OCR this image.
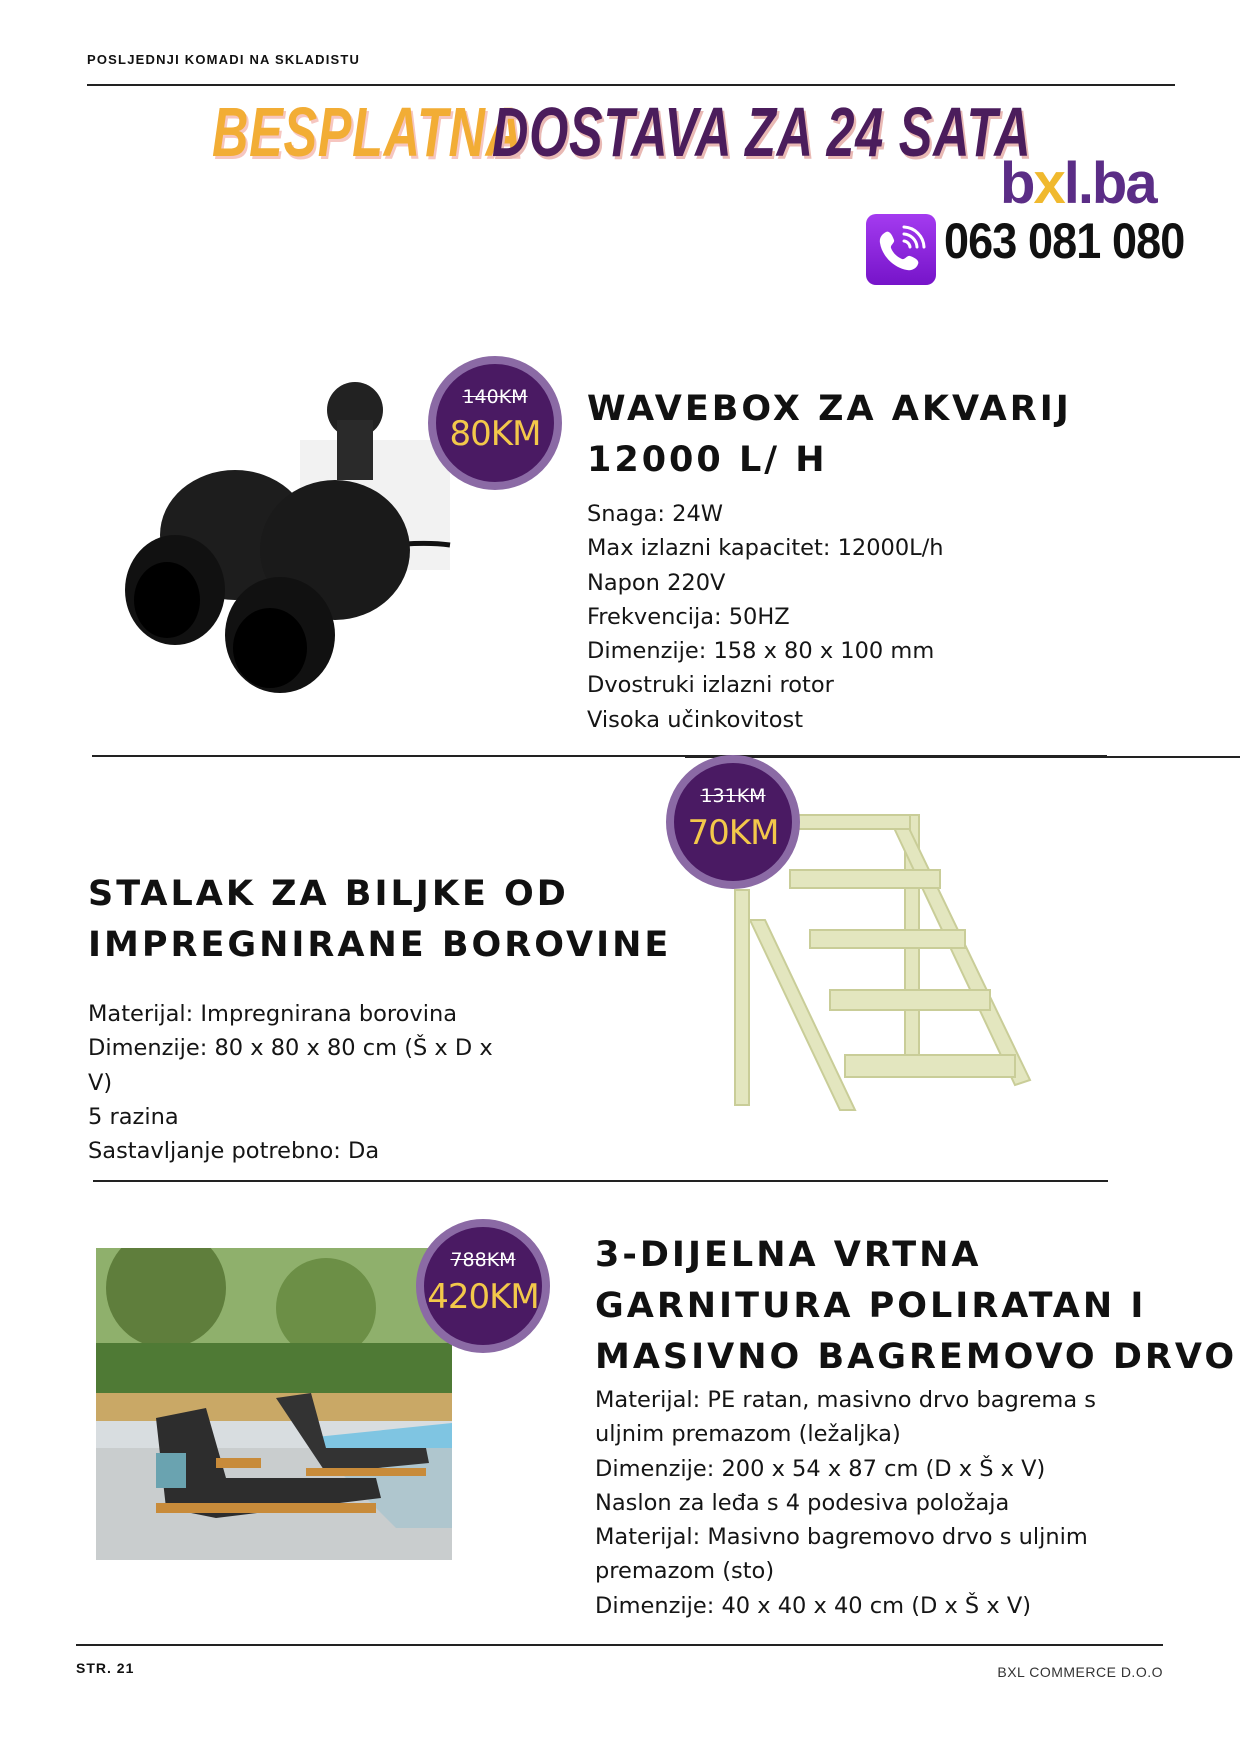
POSLJEDNJI KOMADI NA SKLADISTU
BESPLATNA
DOSTAVA ZA 24 SATA
bxl.ba
063 081 080
140KM
80KM
WAVEBOX ZA AKVARIJ
12000 L/ H
Snaga: 24W
Max izlazni kapacitet: 12000L/h
Napon 220V
Frekvencija: 50HZ
Dimenzije: 158 x 80 x 100 mm
Dvostruki izlazni rotor
Visoka učinkovitost
131KM
70KM
STALAK ZA BILJKE OD
IMPREGNIRANE BOROVINE
Materijal: Impregnirana borovina
Dimenzije: 80 x 80 x 80 cm (Š x D x
V)
5 razina
Sastavljanje potrebno: Da
788KM
420KM
3-DIJELNA VRTNA
GARNITURA POLIRATAN I
MASIVNO BAGREMOVO DRVO
Materijal: PE ratan, masivno drvo bagrema s
uljnim premazom (ležaljka)
Dimenzije: 200 x 54 x 87 cm (D x Š x V)
Naslon za leđa s 4 podesiva položaja
Materijal: Masivno bagremovo drvo s uljnim
premazom (sto)
Dimenzije: 40 x 40 x 40 cm (D x Š x V)
STR. 21	BXL COMMERCE D.O.O
